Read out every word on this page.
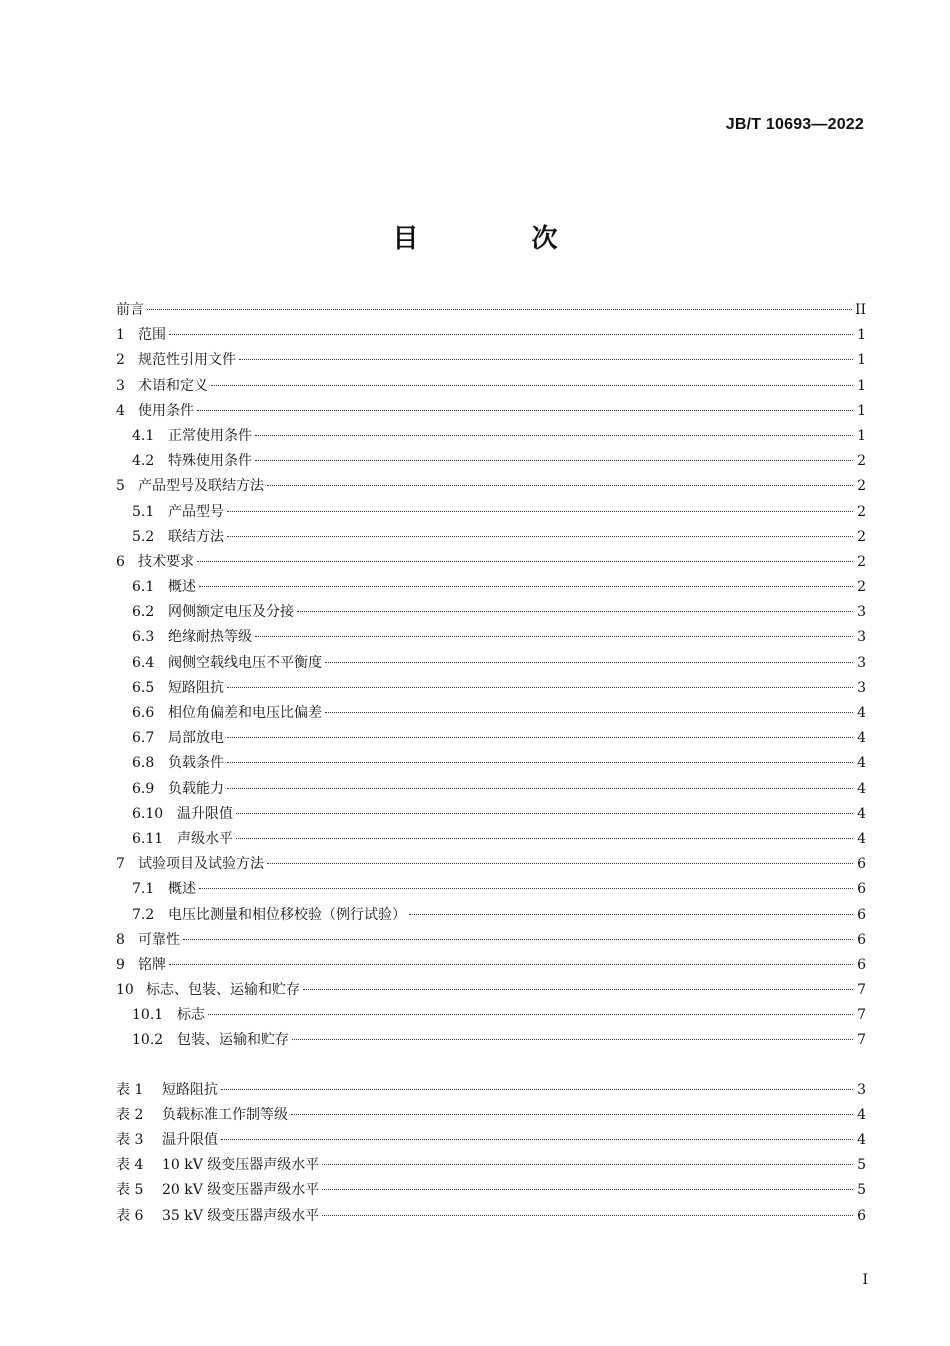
JB/T 10693—2022
目 次
前言	II
1 范围	1
2 规范性引用文件	1
3 术语和定义	1
4 使用条件	1
4.1 正常使用条件	1
4.2 特殊使用条件	2
5 产品型号及联结方法	2
5.1 产品型号	2
5.2 联结方法	2
6 技术要求	2
6.1 概述	2
6.2 网侧额定电压及分接	3
6.3 绝缘耐热等级	3
6.4 阀侧空载线电压不平衡度	3
6.5 短路阻抗	3
6.6 相位角偏差和电压比偏差	4
6.7 局部放电	4
6.8 负载条件	4
6.9 负载能力	4
6.10 温升限值	4
6.11 声级水平	4
7 试验项目及试验方法	6
7.1 概述	6
7.2 电压比测量和相位移校验（例行试验）	6
8 可靠性	6
9 铭牌	6
10 标志、包装、运输和贮存	7
10.1 标志	7
10.2 包装、运输和贮存	7
表 1	短路阻抗	3
表 2	负载标准工作制等级	4
表 3	温升限值	4
表 4	10 kV 级变压器声级水平	5
表 5	20 kV 级变压器声级水平	5
表 6	35 kV 级变压器声级水平	6
I
